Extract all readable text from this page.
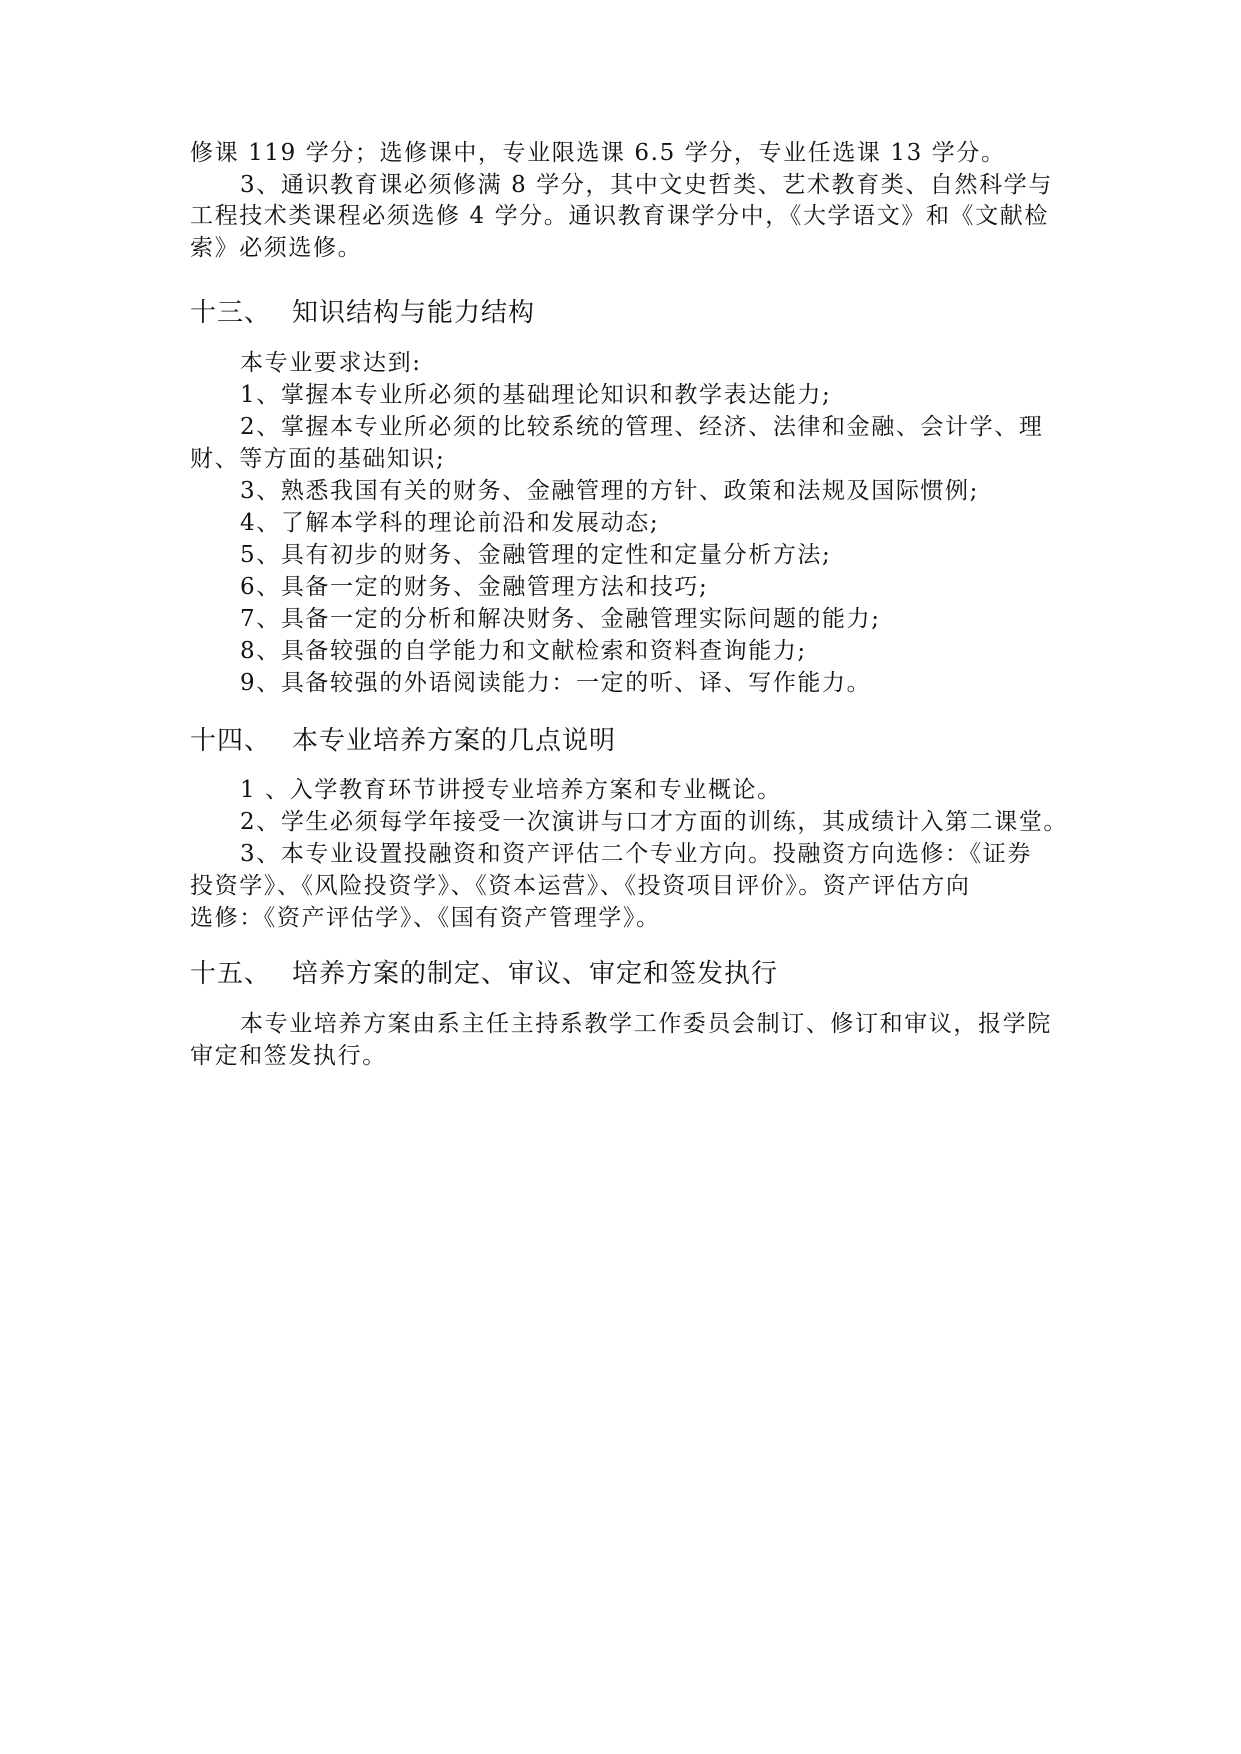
修课 119 学分；选修课中，专业限选课 6.5 学分，专业任选课 13 学分。
3、通识教育课必须修满 8 学分，其中文史哲类、艺术教育类、自然科学与
工程技术类课程必须选修 4 学分。通识教育课学分中，《大学语文》和《文献检
索》必须选修。
十三、 知识结构与能力结构
本专业要求达到:
1、掌握本专业所必须的基础理论知识和教学表达能力;
2、掌握本专业所必须的比较系统的管理、经济、法律和金融、会计学、理
财、等方面的基础知识;
3、熟悉我国有关的财务、金融管理的方针、政策和法规及国际惯例;
4、了解本学科的理论前沿和发展动态;
5、具有初步的财务、金融管理的定性和定量分析方法;
6、具备一定的财务、金融管理方法和技巧;
7、具备一定的分析和解决财务、金融管理实际问题的能力;
8、具备较强的自学能力和文献检索和资料查询能力;
9、具备较强的外语阅读能力：一定的听、译、写作能力。
十四、 本专业培养方案的几点说明
1 、入学教育环节讲授专业培养方案和专业概论。
2、学生必须每学年接受一次演讲与口才方面的训练，其成绩计入第二课堂。
3、本专业设置投融资和资产评估二个专业方向。投融资方向选修：《证券
投资学》、《风险投资学》、《资本运营》、《投资项目评价》。资产评估方向
选修：《资产评估学》、《国有资产管理学》。
十五、 培养方案的制定、审议、审定和签发执行
本专业培养方案由系主任主持系教学工作委员会制订、修订和审议，报学院
审定和签发执行。
